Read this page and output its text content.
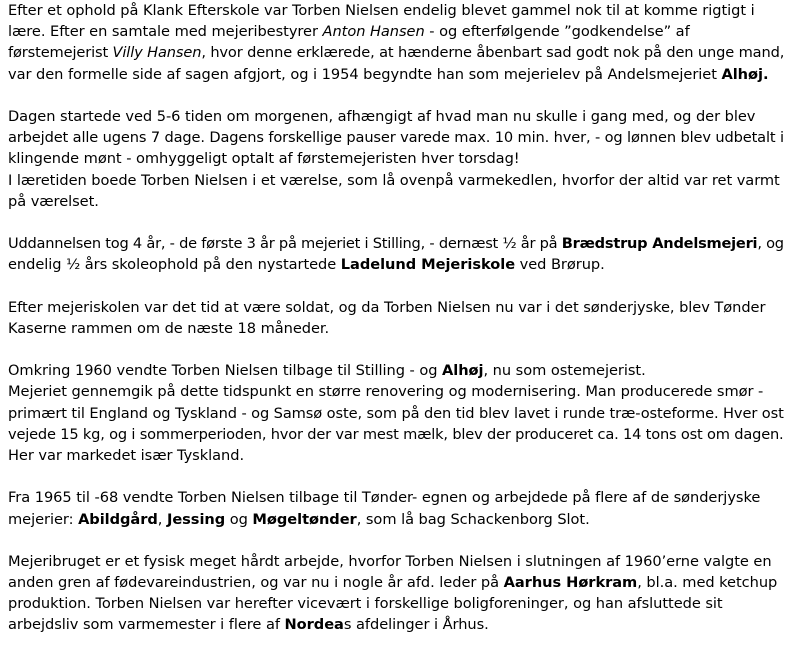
Efter et ophold på Klank Efterskole var Torben Nielsen endelig blevet gammel nok til at komme rigtigt i
lære. Efter en samtale med mejeribestyrer Anton Hansen - og efterfølgende ”godkendelse” af
førstemejerist Villy Hansen, hvor denne erklærede, at hænderne åbenbart sad godt nok på den unge mand,
var den formelle side af sagen afgjort, og i 1954 begyndte han som mejerielev på Andelsmejeriet Alhøj.
Dagen startede ved 5-6 tiden om morgenen, afhængigt af hvad man nu skulle i gang med, og der blev
arbejdet alle ugens 7 dage. Dagens forskellige pauser varede max. 10 min. hver, - og lønnen blev udbetalt i
klingende mønt - omhyggeligt optalt af førstemejeristen hver torsdag!
I læretiden boede Torben Nielsen i et værelse, som lå ovenpå varmekedlen, hvorfor der altid var ret varmt
på værelset.
Uddannelsen tog 4 år, - de første 3 år på mejeriet i Stilling, - dernæst ½ år på Brædstrup Andelsmejeri, og
endelig ½ års skoleophold på den nystartede Ladelund Mejeriskole ved Brørup.
Efter mejeriskolen var det tid at være soldat, og da Torben Nielsen nu var i det sønderjyske, blev Tønder
Kaserne rammen om de næste 18 måneder.
Omkring 1960 vendte Torben Nielsen tilbage til Stilling - og Alhøj, nu som ostemejerist.
Mejeriet gennemgik på dette tidspunkt en større renovering og modernisering. Man producerede smør -
primært til England og Tyskland - og Samsø oste, som på den tid blev lavet i runde træ-osteforme. Hver ost
vejede 15 kg, og i sommerperioden, hvor der var mest mælk, blev der produceret ca. 14 tons ost om dagen.
Her var markedet især Tyskland.
Fra 1965 til -68 vendte Torben Nielsen tilbage til Tønder- egnen og arbejdede på flere af de sønderjyske
mejerier: Abildgård, Jessing og Møgeltønder, som lå bag Schackenborg Slot.
Mejeribruget er et fysisk meget hårdt arbejde, hvorfor Torben Nielsen i slutningen af 1960’erne valgte en
anden gren af fødevareindustrien, og var nu i nogle år afd. leder på Aarhus Hørkram, bl.a. med ketchup
produktion. Torben Nielsen var herefter vicevært i forskellige boligforeninger, og han afsluttede sit
arbejdsliv som varmemester i flere af Nordeas afdelinger i Århus.
